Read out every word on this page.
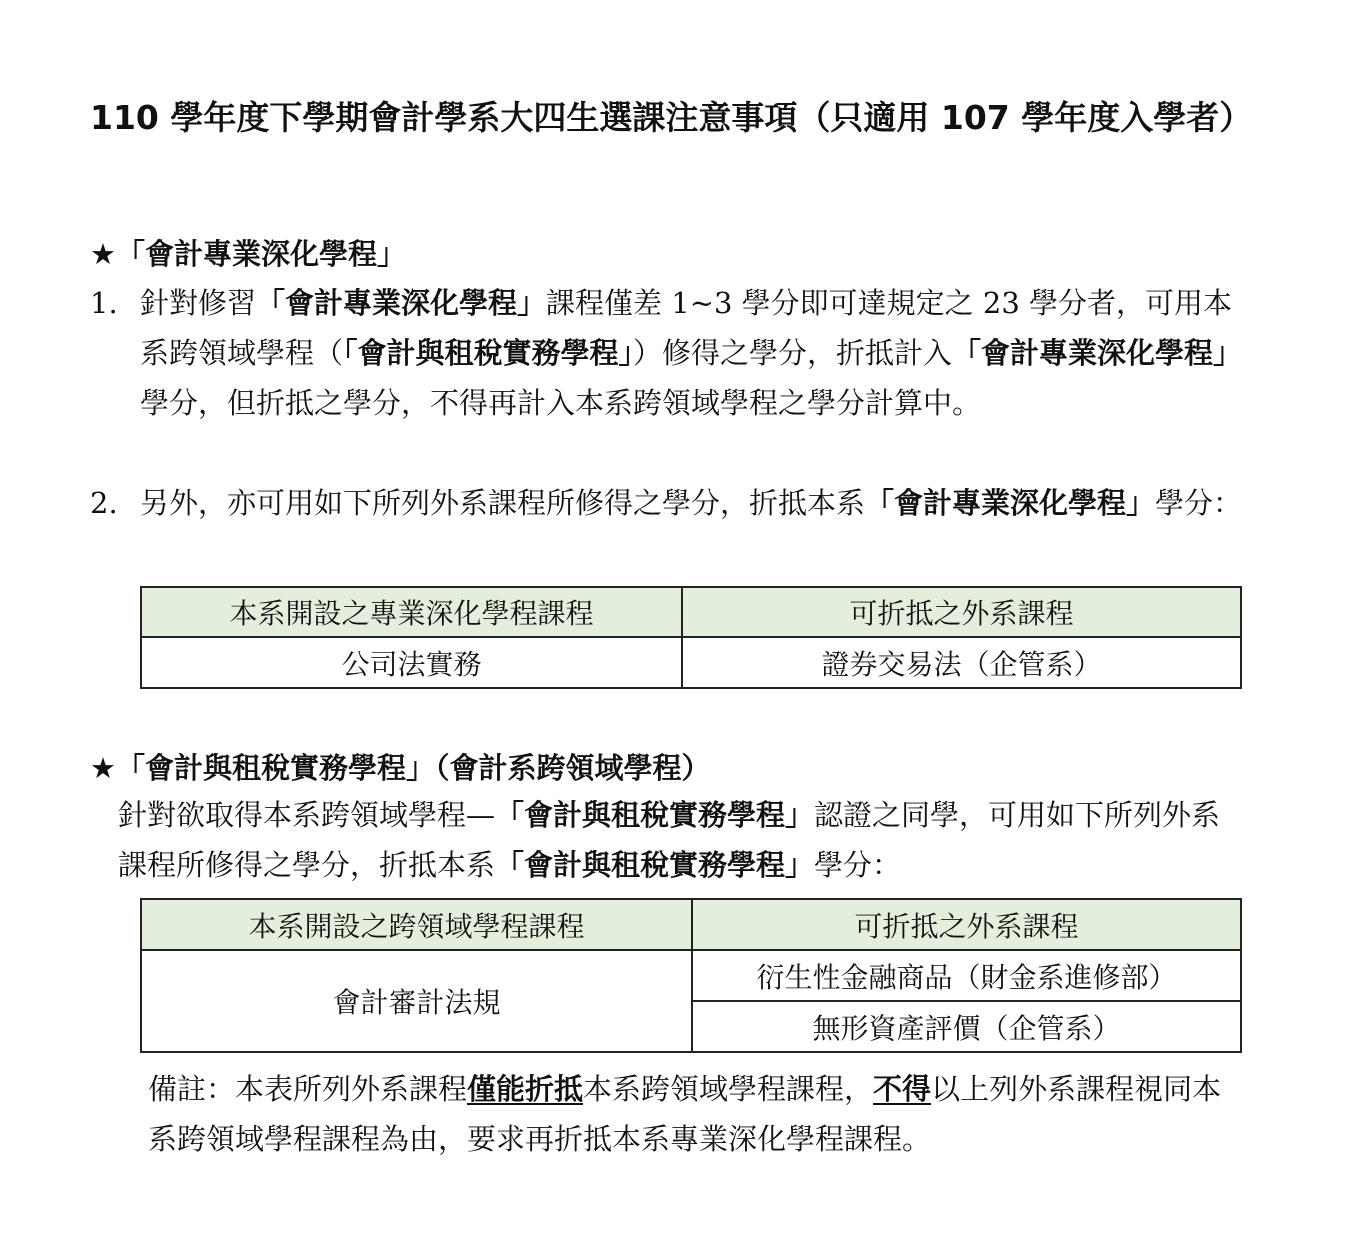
110 學年度下學期會計學系大四生選課注意事項（只適用 107 學年度入學者）
★「會計專業深化學程」
1. 針對修習「會計專業深化學程」課程僅差 1~3 學分即可達規定之 23 學分者，可用本系跨領域學程（「會計與租稅實務學程」）修得之學分，折抵計入「會計專業深化學程」學分，但折抵之學分，不得再計入本系跨領域學程之學分計算中。
2. 另外，亦可用如下所列外系課程所修得之學分，折抵本系「會計專業深化學程」學分：
本系開設之專業深化學程課程	可折抵之外系課程
公司法實務	證券交易法（企管系）
★「會計與租稅實務學程」（會計系跨領域學程）
針對欲取得本系跨領域學程—「會計與租稅實務學程」認證之同學，可用如下所列外系課程所修得之學分，折抵本系「會計與租稅實務學程」學分：
本系開設之跨領域學程課程	可折抵之外系課程
會計審計法規	衍生性金融商品（財金系進修部）
	無形資產評價（企管系）
備註：本表所列外系課程僅能折抵本系跨領域學程課程，不得以上列外系課程視同本系跨領域學程課程為由，要求再折抵本系專業深化學程課程。
